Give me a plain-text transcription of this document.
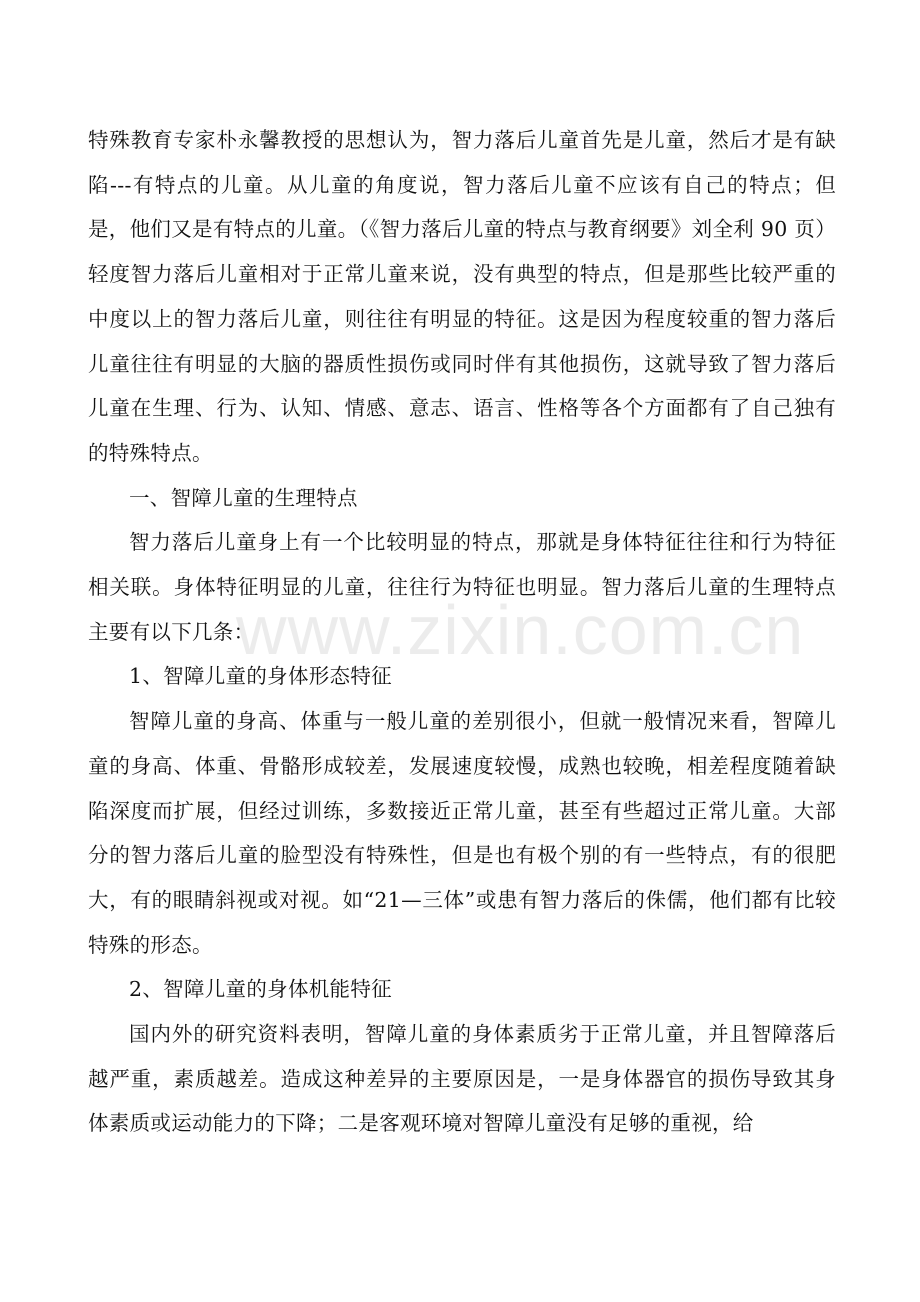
特殊教育专家朴永馨教授的思想认为，智力落后儿童首先是儿童，然后才是有缺陷---有特点的儿童。从儿童的角度说，智力落后儿童不应该有自己的特点；但是，他们又是有特点的儿童。（《智力落后儿童的特点与教育纲要》刘全利 90 页）轻度智力落后儿童相对于正常儿童来说，没有典型的特点，但是那些比较严重的中度以上的智力落后儿童，则往往有明显的特征。这是因为程度较重的智力落后儿童往往有明显的大脑的器质性损伤或同时伴有其他损伤，这就导致了智力落后儿童在生理、行为、认知、情感、意志、语言、性格等各个方面都有了自己独有的特殊特点。

一、智障儿童的生理特点

智力落后儿童身上有一个比较明显的特点，那就是身体特征往往和行为特征相关联。身体特征明显的儿童，往往行为特征也明显。智力落后儿童的生理特点主要有以下几条：

1、智障儿童的身体形态特征

智障儿童的身高、体重与一般儿童的差别很小，但就一般情况来看，智障儿童的身高、体重、骨骼形成较差，发展速度较慢，成熟也较晚，相差程度随着缺陷深度而扩展，但经过训练，多数接近正常儿童，甚至有些超过正常儿童。大部分的智力落后儿童的脸型没有特殊性，但是也有极个别的有一些特点，有的很肥大，有的眼睛斜视或对视。如“21—三体”或患有智力落后的侏儒，他们都有比较特殊的形态。

2、智障儿童的身体机能特征

国内外的研究资料表明，智障儿童的身体素质劣于正常儿童，并且智障落后越严重，素质越差。造成这种差异的主要原因是，一是身体器官的损伤导致其身体素质或运动能力的下降；二是客观环境对智障儿童没有足够的重视，给

www.zixin.com.cn
